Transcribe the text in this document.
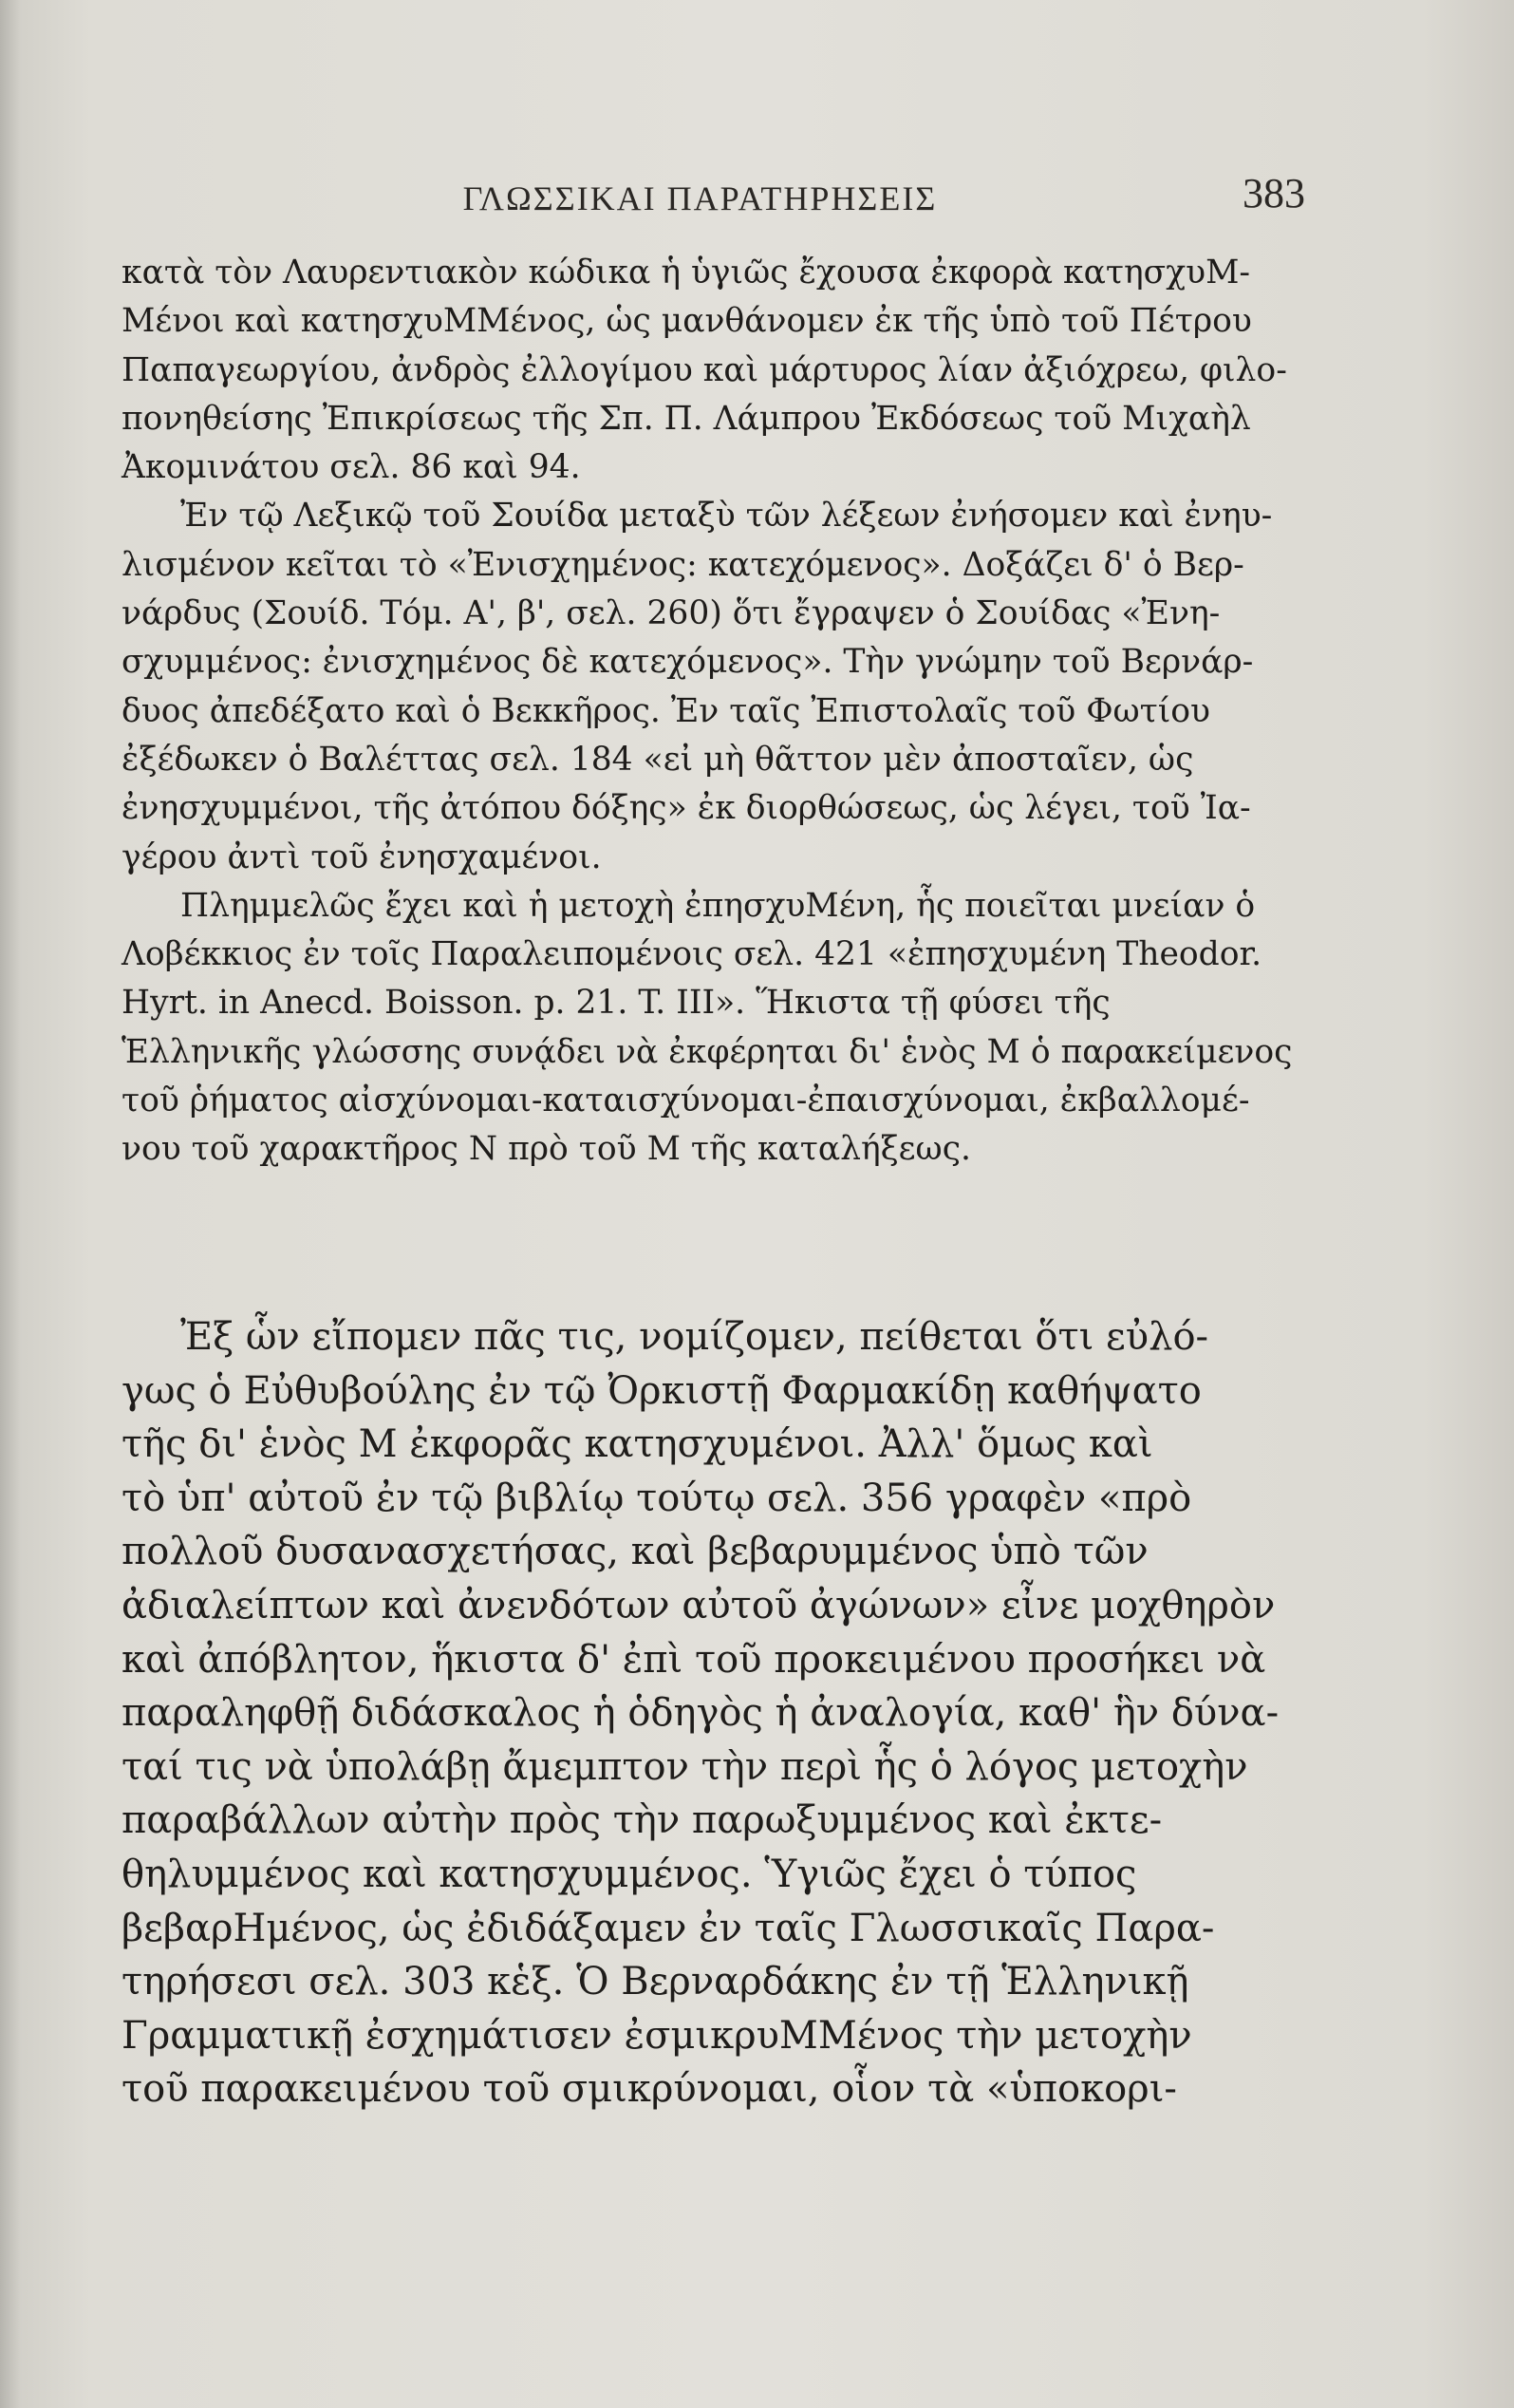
ΓΛΩΣΣΙΚΑΙ ΠΑΡΑΤΗΡΗΣΕΙΣ	383
κατὰ τὸν Λαυρεντιακὸν κώδικα ἡ ὑγιῶς ἔχουσα ἐκφορὰ κατησχυΜ-
Μένοι καὶ κατησχυΜΜένος, ὡς μανθάνομεν ἐκ τῆς ὑπὸ τοῦ Πέτρου
Παπαγεωργίου, ἀνδρὸς ἐλλογίμου καὶ μάρτυρος λίαν ἀξιόχρεω, φιλο-
πονηθείσης Ἐπικρίσεως τῆς Σπ. Π. Λάμπρου Ἐκδόσεως τοῦ Μιχαὴλ
Ἀκομινάτου σελ. 86 καὶ 94.
Ἐν τῷ Λεξικῷ τοῦ Σουίδα μεταξὺ τῶν λέξεων ἐνήσομεν καὶ ἐνηυ-
λισμένον κεῖται τὸ «Ἐνισχημένος: κατεχόμενος». Δοξάζει δ' ὁ Βερ-
νάρδυς (Σουίδ. Τόμ. Α', β', σελ. 260) ὅτι ἔγραψεν ὁ Σουίδας «Ἐνη-
σχυμμένος: ἐνισχημένος δὲ κατεχόμενος». Τὴν γνώμην τοῦ Βερνάρ-
δυος ἀπεδέξατο καὶ ὁ Βεκκῆρος. Ἐν ταῖς Ἐπιστολαῖς τοῦ Φωτίου
ἐξέδωκεν ὁ Βαλέττας σελ. 184 «εἰ μὴ θᾶττον μὲν ἀποσταῖεν, ὡς
ἐνησχυμμένοι, τῆς ἀτόπου δόξης» ἐκ διορθώσεως, ὡς λέγει, τοῦ Ἰα-
γέρου ἀντὶ τοῦ ἐνησχαμένοι.
Πλημμελῶς ἔχει καὶ ἡ μετοχὴ ἐπησχυΜένη, ἧς ποιεῖται μνείαν ὁ
Λοβέκκιος ἐν τοῖς Παραλειπομένοις σελ. 421 «ἐπησχυμένη Theodor.
Hyrt. in Anecd. Boisson. p. 21. T. III». Ἥκιστα τῇ φύσει τῆς
Ἑλληνικῆς γλώσσης συνᾴδει νὰ ἐκφέρηται δι' ἑνὸς Μ ὁ παρακείμενος
τοῦ ῥήματος αἰσχύνομαι-καταισχύνομαι-ἐπαισχύνομαι, ἐκβαλλομέ-
νου τοῦ χαρακτῆρος Ν πρὸ τοῦ Μ τῆς καταλήξεως.
Ἐξ ὧν εἴπομεν πᾶς τις, νομίζομεν, πείθεται ὅτι εὐλό-
γως ὁ Εὐθυβούλης ἐν τῷ Ὀρκιστῇ Φαρμακίδῃ καθήψατο
τῆς δι' ἑνὸς Μ ἐκφορᾶς κατησχυμένοι. Ἀλλ' ὅμως καὶ
τὸ ὑπ' αὐτοῦ ἐν τῷ βιβλίῳ τούτῳ σελ. 356 γραφὲν «πρὸ
πολλοῦ δυσανασχετήσας, καὶ βεβαρυμμένος ὑπὸ τῶν
ἀδιαλείπτων καὶ ἀνενδότων αὐτοῦ ἀγώνων» εἶνε μοχθηρὸν
καὶ ἀπόβλητον, ἥκιστα δ' ἐπὶ τοῦ προκειμένου προσήκει νὰ
παραληφθῇ διδάσκαλος ἡ ὁδηγὸς ἡ ἀναλογία, καθ' ἣν δύνα-
ταί τις νὰ ὑπολάβῃ ἄμεμπτον τὴν περὶ ἧς ὁ λόγος μετοχὴν
παραβάλλων αὐτὴν πρὸς τὴν παρωξυμμένος καὶ ἐκτε-
θηλυμμένος καὶ κατησχυμμένος. Ὑγιῶς ἔχει ὁ τύπος
βεβαρΗμένος, ὡς ἐδιδάξαμεν ἐν ταῖς Γλωσσικαῖς Παρα-
τηρήσεσι σελ. 303 κἑξ. Ὁ Βερναρδάκης ἐν τῇ Ἑλληνικῇ
Γραμματικῇ ἐσχημάτισεν ἐσμικρυΜΜένος τὴν μετοχὴν
τοῦ παρακειμένου τοῦ σμικρύνομαι, οἷον τὰ «ὑποκορι-
